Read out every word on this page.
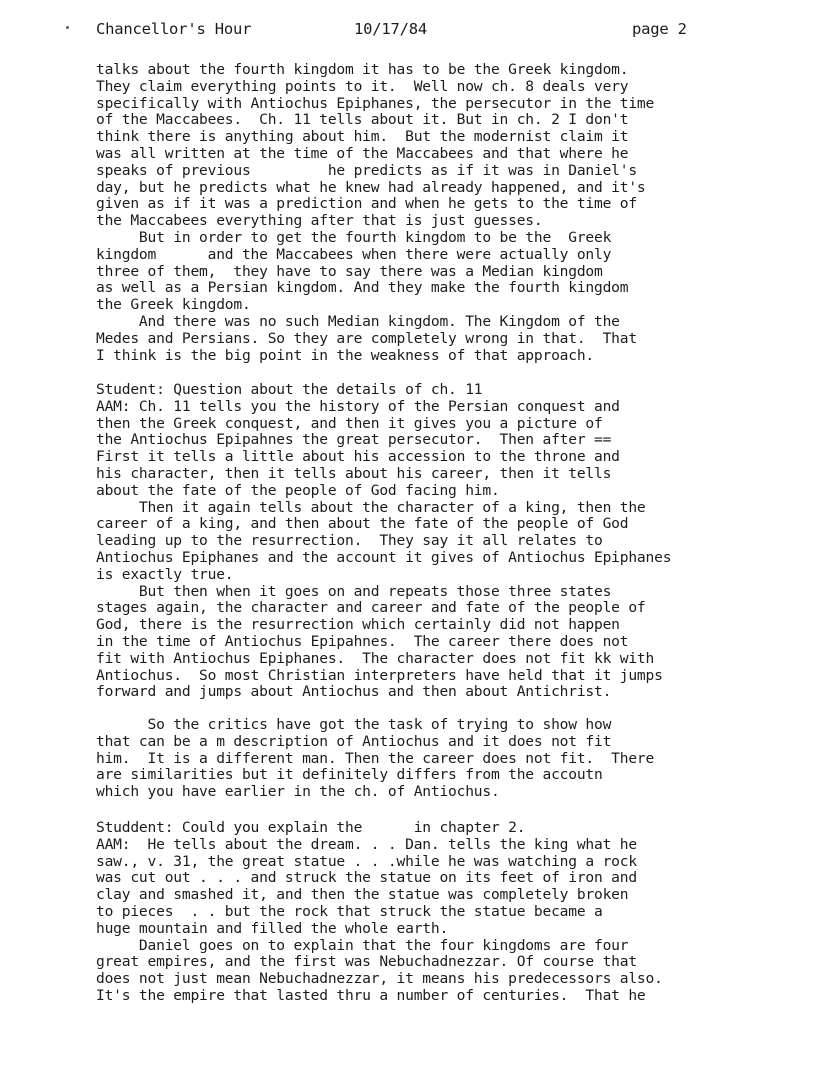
Chancellor's Hour	10/17/84	page 2
talks about the fourth kingdom it has to be the Greek kingdom.
They claim everything points to it.  Well now ch. 8 deals very
specifically with Antiochus Epiphanes, the persecutor in the time
of the Maccabees.  Ch. 11 tells about it. But in ch. 2 I don't
think there is anything about him.  But the modernist claim it
was all written at the time of the Maccabees and that where he
speaks of previous         he predicts as if it was in Daniel's
day, but he predicts what he knew had already happened, and it's
given as if it was a prediction and when he gets to the time of
the Maccabees everything after that is just guesses.
But in order to get the fourth kingdom to be the  Greek
kingdom      and the Maccabees when there were actually only
three of them,  they have to say there was a Median kingdom
as well as a Persian kingdom. And they make the fourth kingdom
the Greek kingdom.
And there was no such Median kingdom. The Kingdom of the
Medes and Persians. So they are completely wrong in that.  That
I think is the big point in the weakness of that approach.
Student: Question about the details of ch. 11
AAM: Ch. 11 tells you the history of the Persian conquest and
then the Greek conquest, and then it gives you a picture of
the Antiochus Epipahnes the great persecutor.  Then after ==
First it tells a little about his accession to the throne and
his character, then it tells about his career, then it tells
about the fate of the people of God facing him.
Then it again tells about the character of a king, then the
career of a king, and then about the fate of the people of God
leading up to the resurrection.  They say it all relates to
Antiochus Epiphanes and the account it gives of Antiochus Epiphanes
is exactly true.
But then when it goes on and repeats those three states
stages again, the character and career and fate of the people of
God, there is the resurrection which certainly did not happen
in the time of Antiochus Epipahnes.  The career there does not
fit with Antiochus Epiphanes.  The character does not fit kk with
Antiochus.  So most Christian interpreters have held that it jumps
forward and jumps about Antiochus and then about Antichrist.
So the critics have got the task of trying to show how
that can be a m description of Antiochus and it does not fit
him.  It is a different man. Then the career does not fit.  There
are similarities but it definitely differs from the accoutn
which you have earlier in the ch. of Antiochus.
Studdent: Could you explain the      in chapter 2.
AAM:  He tells about the dream. . . Dan. tells the king what he
saw., v. 31, the great statue . . .while he was watching a rock
was cut out . . . and struck the statue on its feet of iron and
clay and smashed it, and then the statue was completely broken
to pieces  . . but the rock that struck the statue became a
huge mountain and filled the whole earth.
Daniel goes on to explain that the four kingdoms are four
great empires, and the first was Nebuchadnezzar. Of course that
does not just mean Nebuchadnezzar, it means his predecessors also.
It's the empire that lasted thru a number of centuries.  That he
